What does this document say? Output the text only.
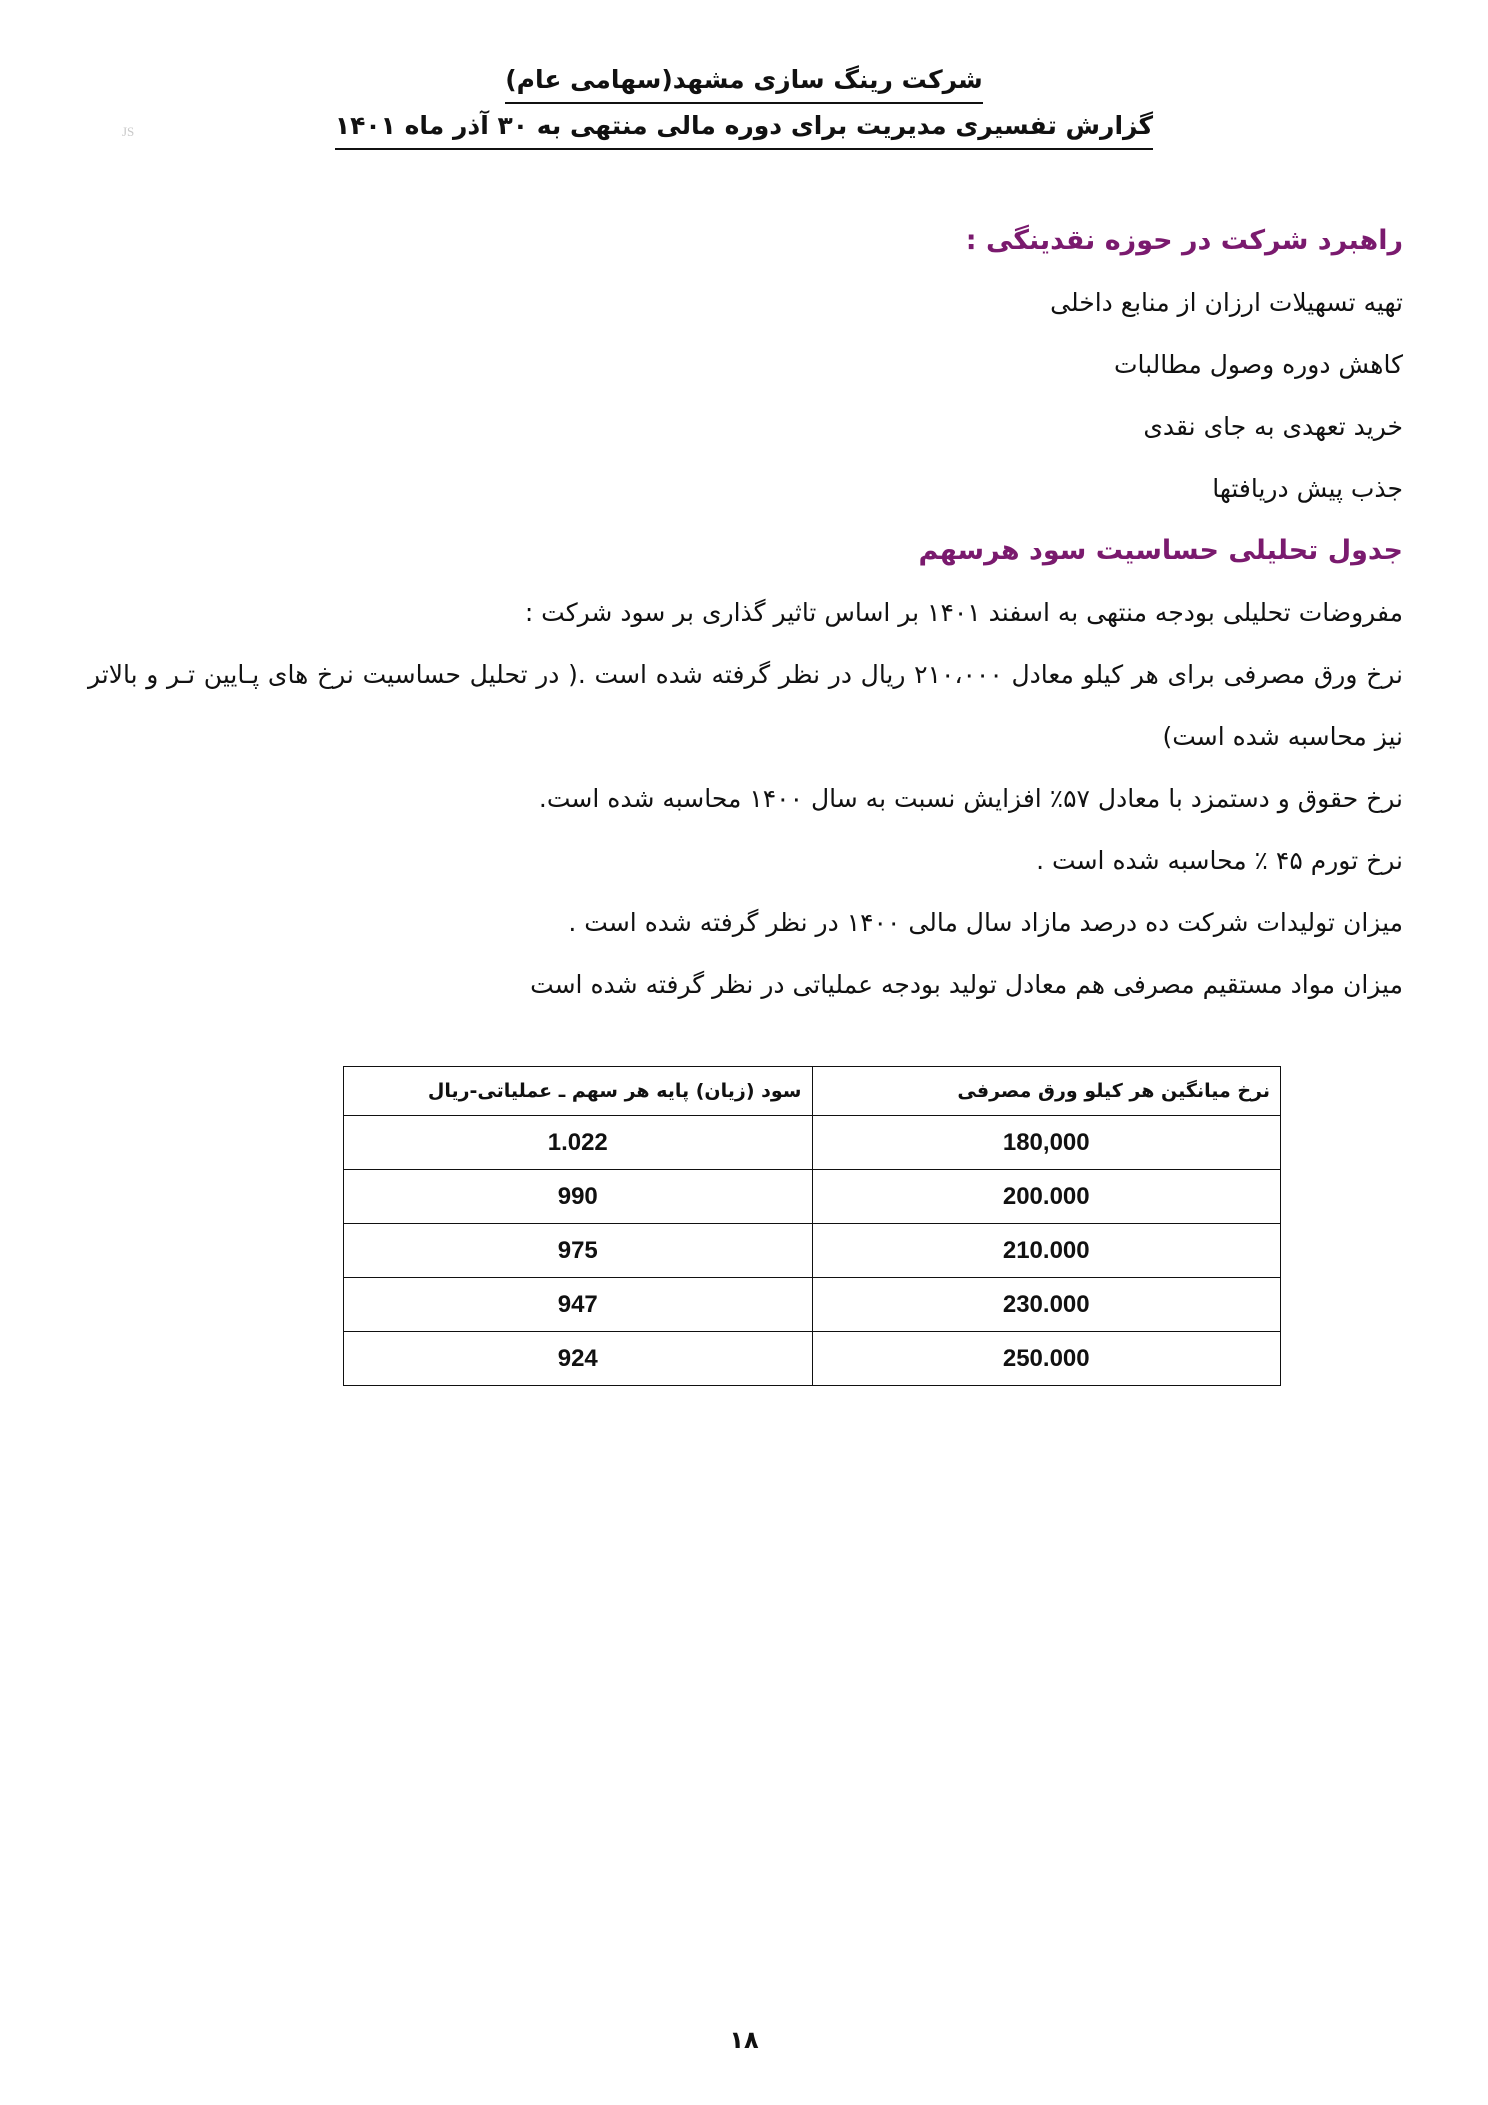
شرکت رینگ سازی مشهد(سهامی عام)
گزارش تفسیری مدیریت برای دوره مالی منتهی به ۳۰ آذر ماه ۱۴۰۱
JS

راهبرد شرکت در حوزه نقدینگی :

تهیه تسهیلات ارزان از منابع داخلی

کاهش دوره وصول مطالبات

خرید تعهدی به جای نقدی

جذب پیش دریافتها

جدول تحلیلی حساسیت سود هرسهم

مفروضات تحلیلی بودجه منتهی به اسفند ۱۴۰۱ بر اساس تاثیر گذاری بر سود شرکت :

نرخ ورق مصرفی برای هر کیلو معادل ۲۱۰،۰۰۰ ریال در نظر گرفته شده است .( در تحلیل حساسیت نرخ های پـایین تـر و بالاتر نیز محاسبه شده است)

نرخ حقوق و دستمزد با معادل ۵۷٪ افزایش نسبت به سال ۱۴۰۰ محاسبه شده است.

نرخ تورم ۴۵ ٪ محاسبه شده است .

میزان تولیدات شرکت ده درصد مازاد سال مالی ۱۴۰۰ در نظر گرفته شده است .

میزان مواد مستقیم مصرفی هم معادل تولید بودجه عملیاتی در نظر گرفته شده است

نرخ میانگین هر کیلو ورق مصرفی	سود (زیان) پایه هر سهم ـ عملیاتی-ریال
180,000	1.022
200.000	990
210.000	975
230.000	947
250.000	924
۱۸
